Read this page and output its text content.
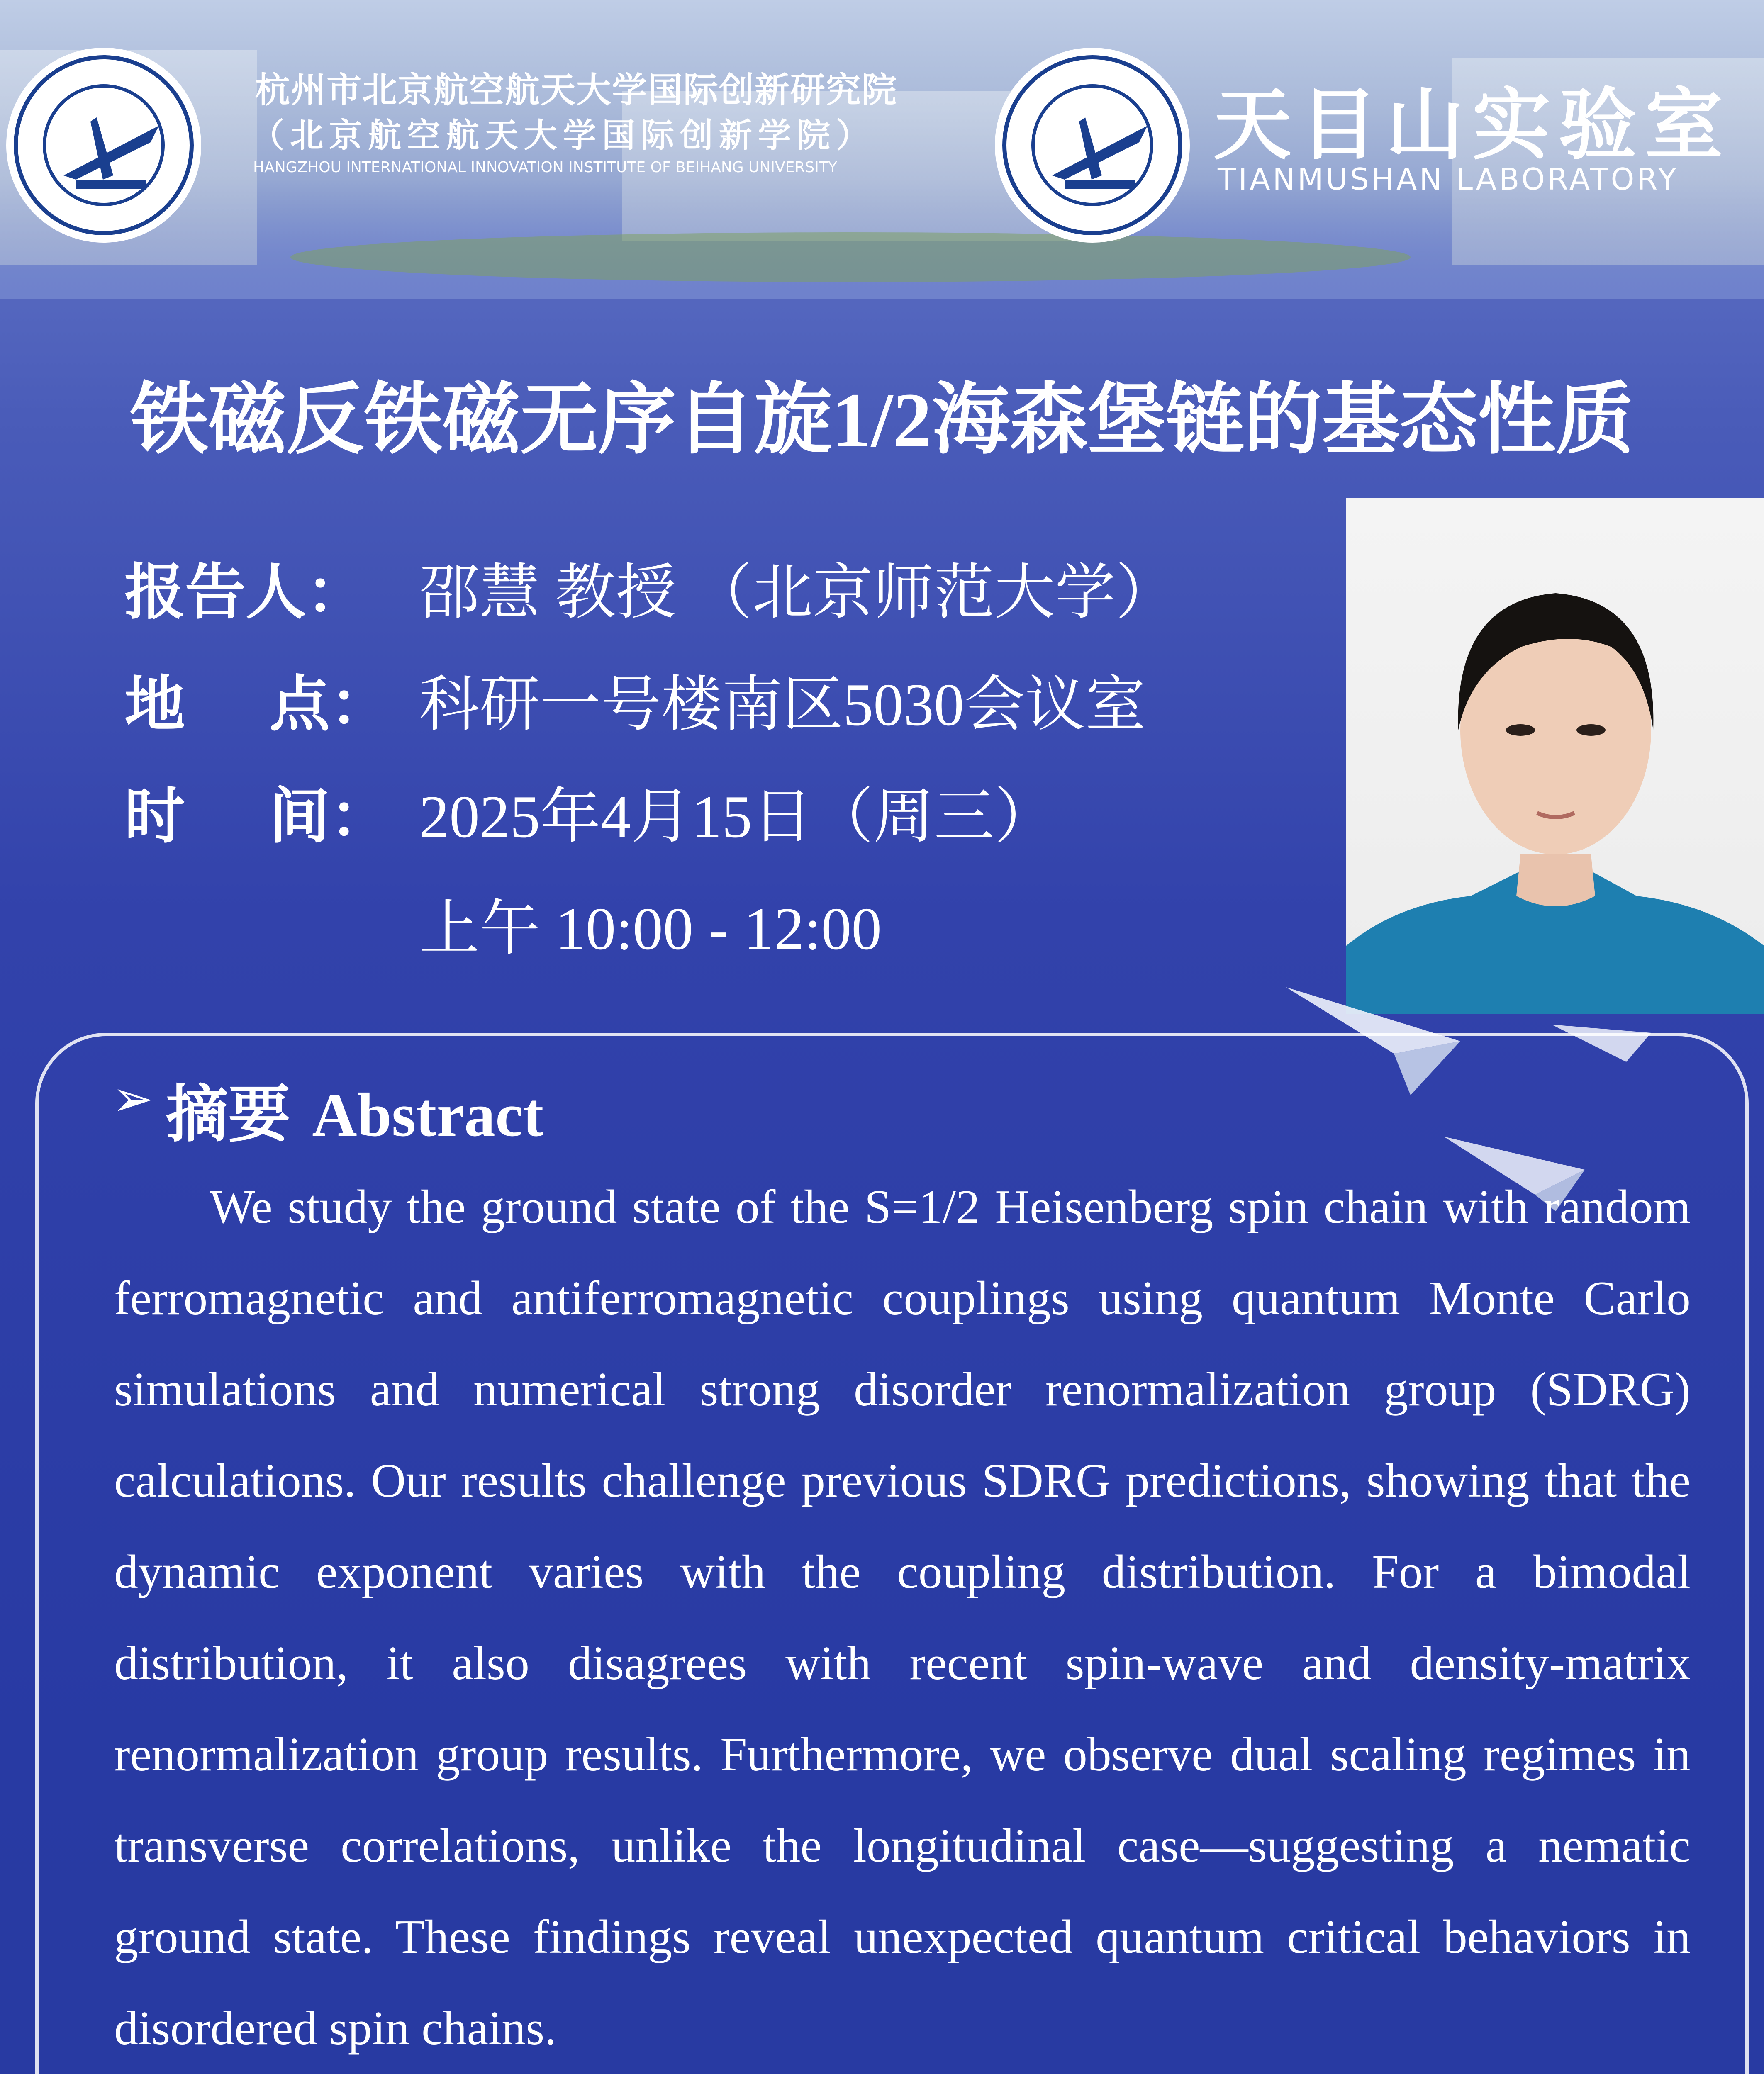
杭州市北京航空航天大学国际创新研究院
（北京航空航天大学国际创新学院）
HANGZHOU INTERNATIONAL INNOVATION INSTITUTE OF BEIHANG UNIVERSITY	天目山实验室
TIANMUSHAN LABORATORY
铁磁反铁磁无序自旋1/2海森堡链的基态性质
报告人： 邵慧 教授 （北京师范大学）
地    点： 科研一号楼南区5030会议室
时    间： 2025年4月15日（周三）
上午 10:00 - 12:00
➢ 摘要 Abstract
We study the ground state of the S=1/2 Heisenberg spin chain with random ferromagnetic and antiferromagnetic couplings using quantum Monte Carlo simulations and numerical strong disorder renormalization group (SDRG) calculations. Our results challenge previous SDRG predictions, showing that the dynamic exponent varies with the coupling distribution. For a bimodal distribution, it also disagrees with recent spin-wave and density-matrix renormalization group results. Furthermore, we observe dual scaling regimes in transverse correlations, unlike the longitudinal case—suggesting a nematic ground state. These findings reveal unexpected quantum critical behaviors in disordered spin chains.
